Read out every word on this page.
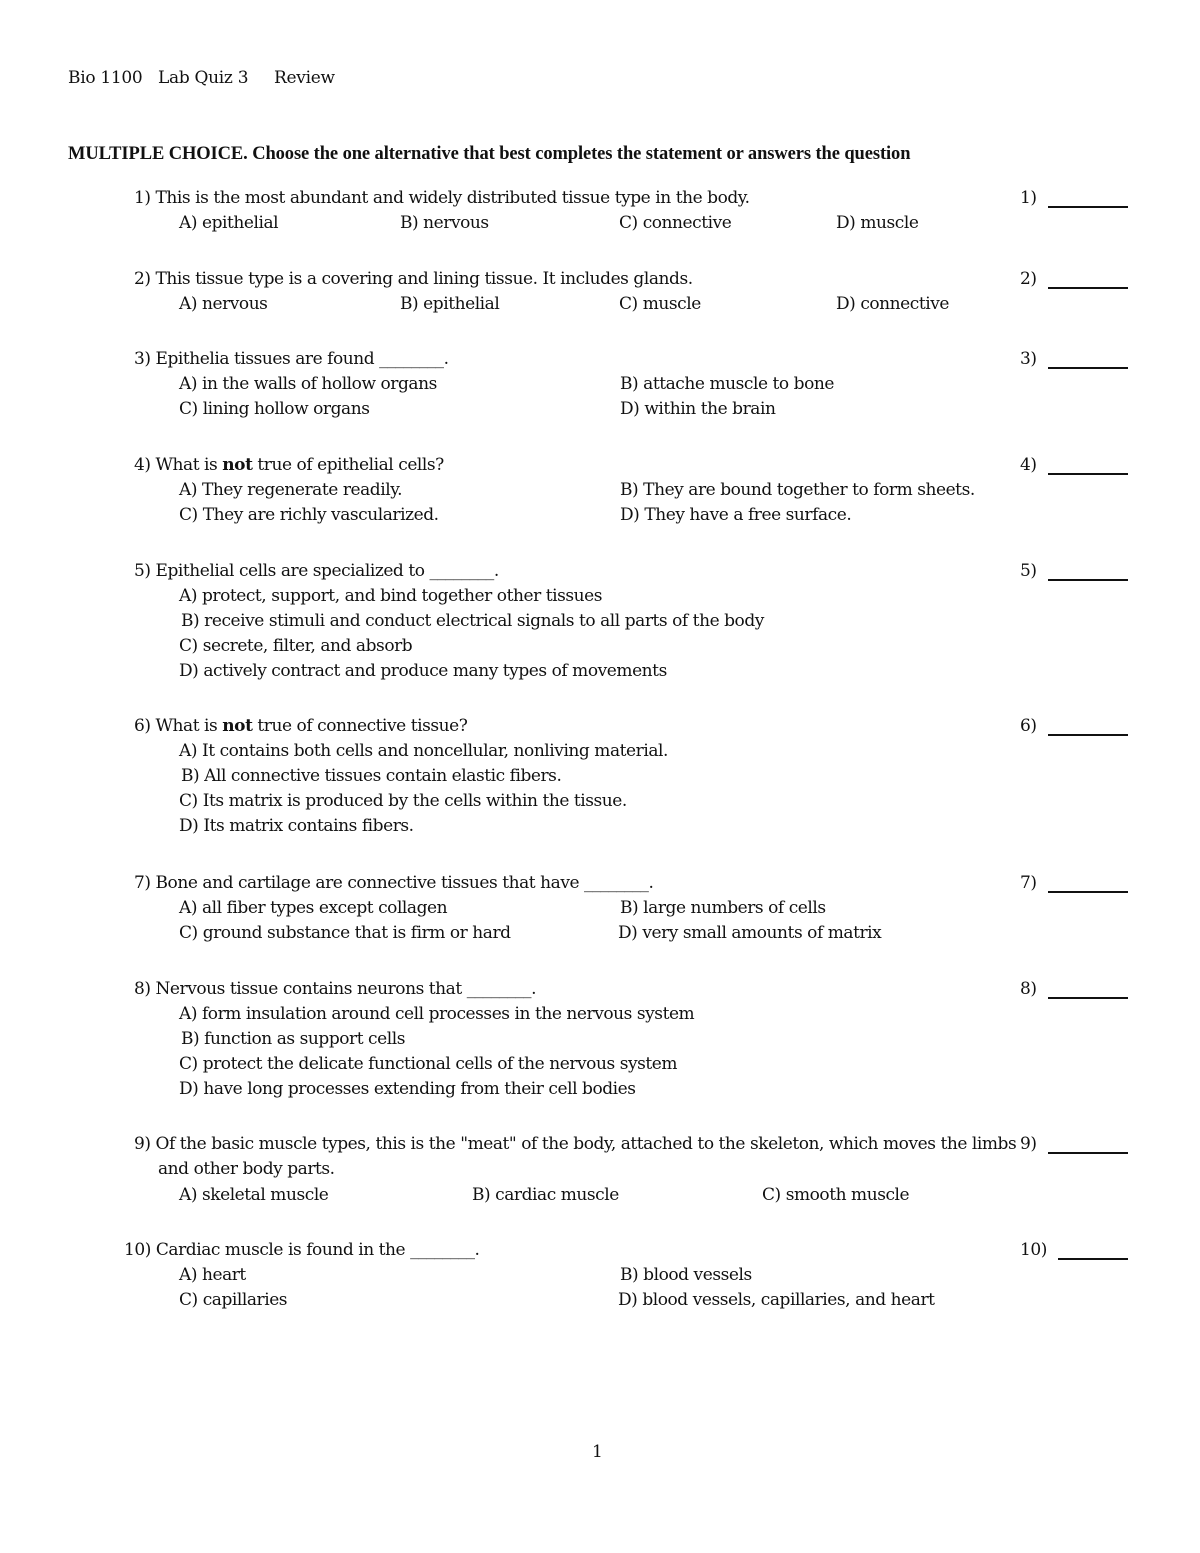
Bio 1100 Lab Quiz 3 Review
MULTIPLE CHOICE. Choose the one alternative that best completes the statement or answers the question
1) This is the most abundant and widely distributed tissue type in the body.
A) epithelial	B) nervous	C) connective	D) muscle
1)
2) This tissue type is a covering and lining tissue. It includes glands.
A) nervous	B) epithelial	C) muscle	D) connective
2)
3) Epithelia tissues are found ________.
A) in the walls of hollow organs	B) attache muscle to bone
C) lining hollow organs	D) within the brain
3)
4) What is not true of epithelial cells?
A) They regenerate readily.	B) They are bound together to form sheets.
C) They are richly vascularized.	D) They have a free surface.
4)
5) Epithelial cells are specialized to ________.
A) protect, support, and bind together other tissues
B) receive stimuli and conduct electrical signals to all parts of the body
C) secrete, filter, and absorb
D) actively contract and produce many types of movements
5)
6) What is not true of connective tissue?
A) It contains both cells and noncellular, nonliving material.
B) All connective tissues contain elastic fibers.
C) Its matrix is produced by the cells within the tissue.
D) Its matrix contains fibers.
6)
7) Bone and cartilage are connective tissues that have ________.
A) all fiber types except collagen	B) large numbers of cells
C) ground substance that is firm or hard	D) very small amounts of matrix
7)
8) Nervous tissue contains neurons that ________.
A) form insulation around cell processes in the nervous system
B) function as support cells
C) protect the delicate functional cells of the nervous system
D) have long processes extending from their cell bodies
8)
9) Of the basic muscle types, this is the "meat" of the body, attached to the skeleton, which moves the limbs and other body parts.
A) skeletal muscle	B) cardiac muscle	C) smooth muscle
9)
10) Cardiac muscle is found in the ________.
A) heart	B) blood vessels
C) capillaries	D) blood vessels, capillaries, and heart
10)
1
